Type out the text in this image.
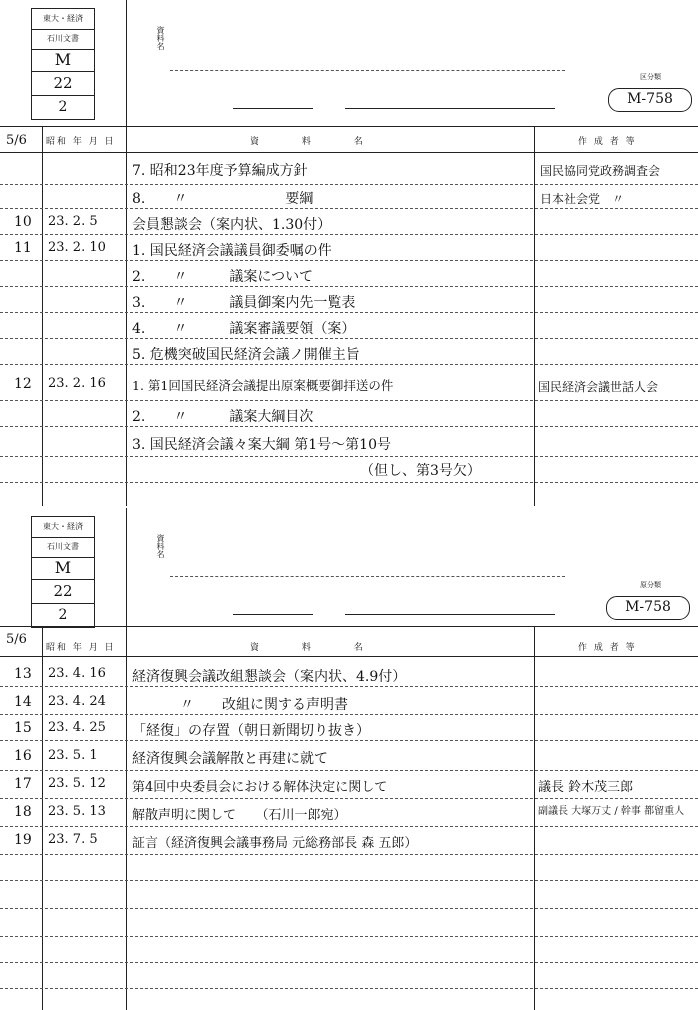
東大・経済
石川文書
M
22
2
資料名
区分類
M-758
5/6 昭和 年 月 日	資 料 名	作 成 者 等
7. 昭和23年度予算編成方針	国民協同党政務調査会
8.　　〃　　　　　　　要綱	日本社会党　〃
10 23. 2. 5 会員懇談会（案内状、1.30付）
11 23. 2. 10 1. 国民経済会議議員御委嘱の件
2.　　〃　　　議案について
3.　　〃　　　議員御案内先一覧表
4.　　〃　　　議案審議要領（案）
5. 危機突破国民経済会議ノ開催主旨
12 23. 2. 16 1. 第1回国民経済会議提出原案概要御拝送の件	国民経済会議世話人会
2.　　〃　　　議案大綱目次
3. 国民経済会議々案大綱 第1号〜第10号
（但し、第3号欠）
東大・経済
石川文書
M
22
2
資料名
原分類
M-758
5/6
昭和 年 月 日	資 料 名	作 成 者 等
13 23. 4. 16 経済復興会議改組懇談会（案内状、4.9付）
14 23. 4. 24	〃　　改組に関する声明書
15 23. 4. 25 「経復」の存置（朝日新聞切り抜き）
16 23. 5. 1 経済復興会議解散と再建に就て
17 23. 5. 12 第4回中央委員会における解体決定に関して	議長 鈴木茂三郎
18 23. 5. 13 解散声明に関して　　（石川一郎宛）	副議長 大塚万丈 / 幹事 都留重人
19 23. 7. 5	証言（経済復興会議事務局 元総務部長 森 五郎）
